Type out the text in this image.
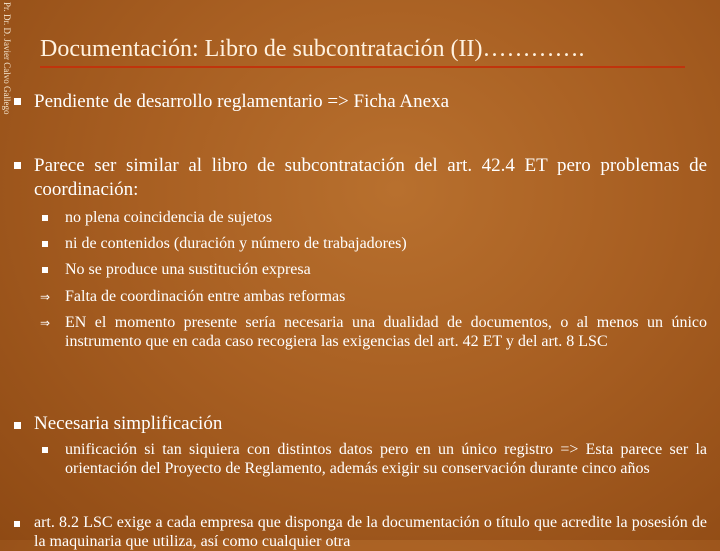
Pr. Dr. D. Javier Calvo Gallego Documentación: Libro de subcontratación (II)………….
Pendiente de desarrollo reglamentario => Ficha Anexa
Parece ser similar al libro de subcontratación del art. 42.4 ET pero problemas de coordinación:
no plena coincidencia de sujetos
ni de contenidos (duración y número de trabajadores)
No se produce una sustitución expresa
⇒ Falta de coordinación entre ambas reformas
⇒ EN el momento presente sería necesaria una dualidad de documentos, o al menos un único instrumento que en cada caso recogiera las exigencias del art. 42 ET y del art. 8 LSC
Necesaria simplificación
unificación si tan siquiera con distintos datos pero en un único registro => Esta parece ser la orientación del Proyecto de Reglamento, además exigir su conservación durante cinco años
art. 8.2 LSC exige a cada empresa que disponga de la documentación o título que acredite la posesión de la maquinaria que utiliza, así como cualquier otra
